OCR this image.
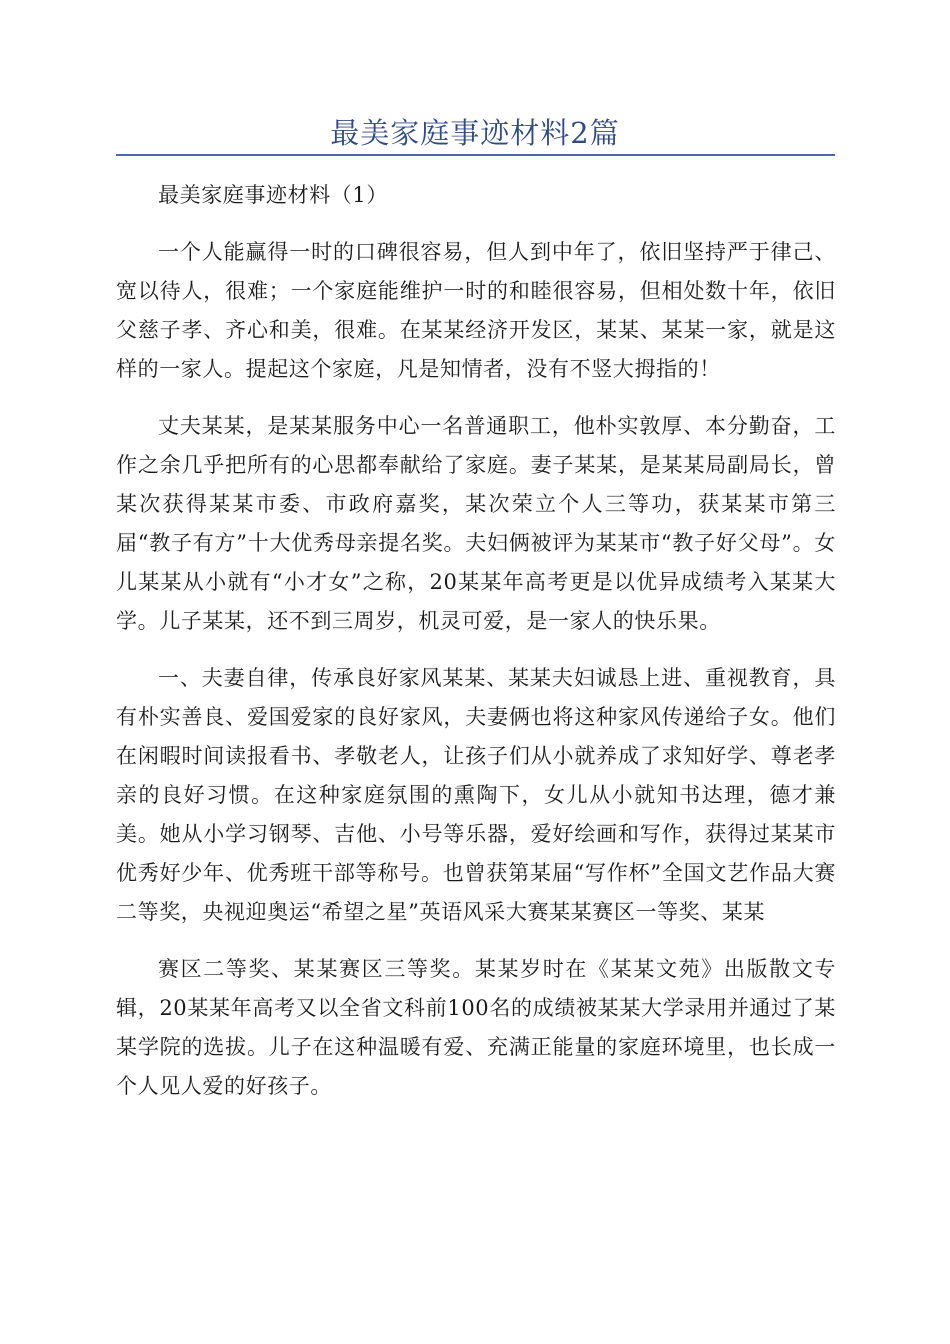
最美家庭事迹材料2篇

最美家庭事迹材料（1）

一个人能赢得一时的口碑很容易，但人到中年了，依旧坚持严于律己、宽以待人，很难；一个家庭能维护一时的和睦很容易，但相处数十年，依旧父慈子孝、齐心和美，很难。在某某经济开发区，某某、某某一家，就是这样的一家人。提起这个家庭，凡是知情者，没有不竖大拇指的！

丈夫某某，是某某服务中心一名普通职工，他朴实敦厚、本分勤奋，工作之余几乎把所有的心思都奉献给了家庭。妻子某某，是某某局副局长，曾某次获得某某市委、市政府嘉奖，某次荣立个人三等功，获某某市第三届“教子有方”十大优秀母亲提名奖。夫妇俩被评为某某市“教子好父母”。女儿某某从小就有“小才女”之称，20某某年高考更是以优异成绩考入某某大学。儿子某某，还不到三周岁，机灵可爱，是一家人的快乐果。

一、夫妻自律，传承良好家风某某、某某夫妇诚恳上进、重视教育，具有朴实善良、爱国爱家的良好家风，夫妻俩也将这种家风传递给子女。他们在闲暇时间读报看书、孝敬老人，让孩子们从小就养成了求知好学、尊老孝亲的良好习惯。在这种家庭氛围的熏陶下，女儿从小就知书达理，德才兼美。她从小学习钢琴、吉他、小号等乐器，爱好绘画和写作，获得过某某市优秀好少年、优秀班干部等称号。也曾获第某届“写作杯”全国文艺作品大赛二等奖，央视迎奥运“希望之星”英语风采大赛某某赛区一等奖、某某

赛区二等奖、某某赛区三等奖。某某岁时在《某某文苑》出版散文专辑，20某某年高考又以全省文科前100名的成绩被某某大学录用并通过了某某学院的选拔。儿子在这种温暖有爱、充满正能量的家庭环境里，也长成一个人见人爱的好孩子。
